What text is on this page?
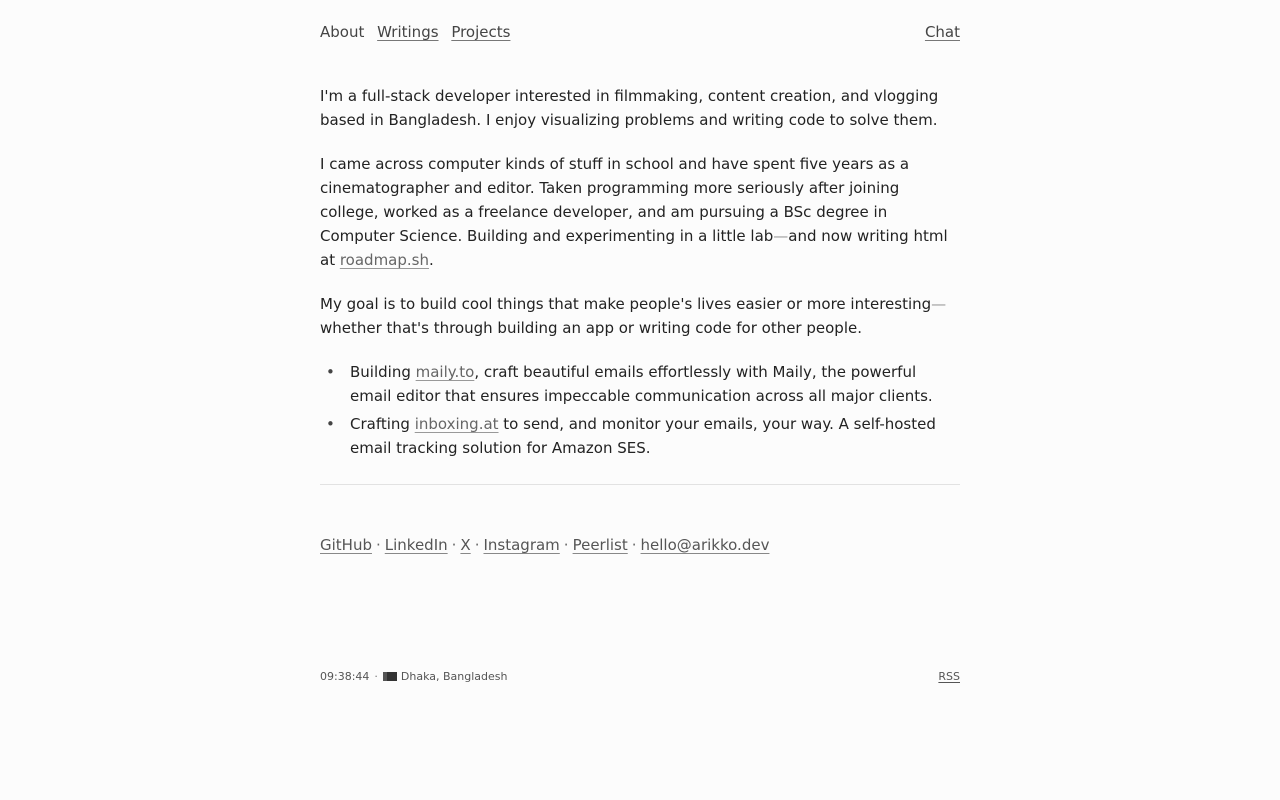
About Writings Projects	Chat

I'm a full-stack developer interested in filmmaking, content creation, and vlogging based in Bangladesh. I enjoy visualizing problems and writing code to solve them.

I came across computer kinds of stuff in school and have spent five years as a cinematographer and editor. Taken programming more seriously after joining college, worked as a freelance developer, and am pursuing a BSc degree in Computer Science. Building and experimenting in a little lab—and now writing html at roadmap.sh.

My goal is to build cool things that make people's lives easier or more interesting—whether that's through building an app or writing code for other people.

• Building maily.to, craft beautiful emails effortlessly with Maily, the powerful email editor that ensures impeccable communication across all major clients.
• Crafting inboxing.at to send, and monitor your emails, your way. A self-hosted email tracking solution for Amazon SES.
GitHub · LinkedIn · X · Instagram · Peerlist · hello@arikko.dev
09:38:44 · Dhaka, Bangladesh	RSS
